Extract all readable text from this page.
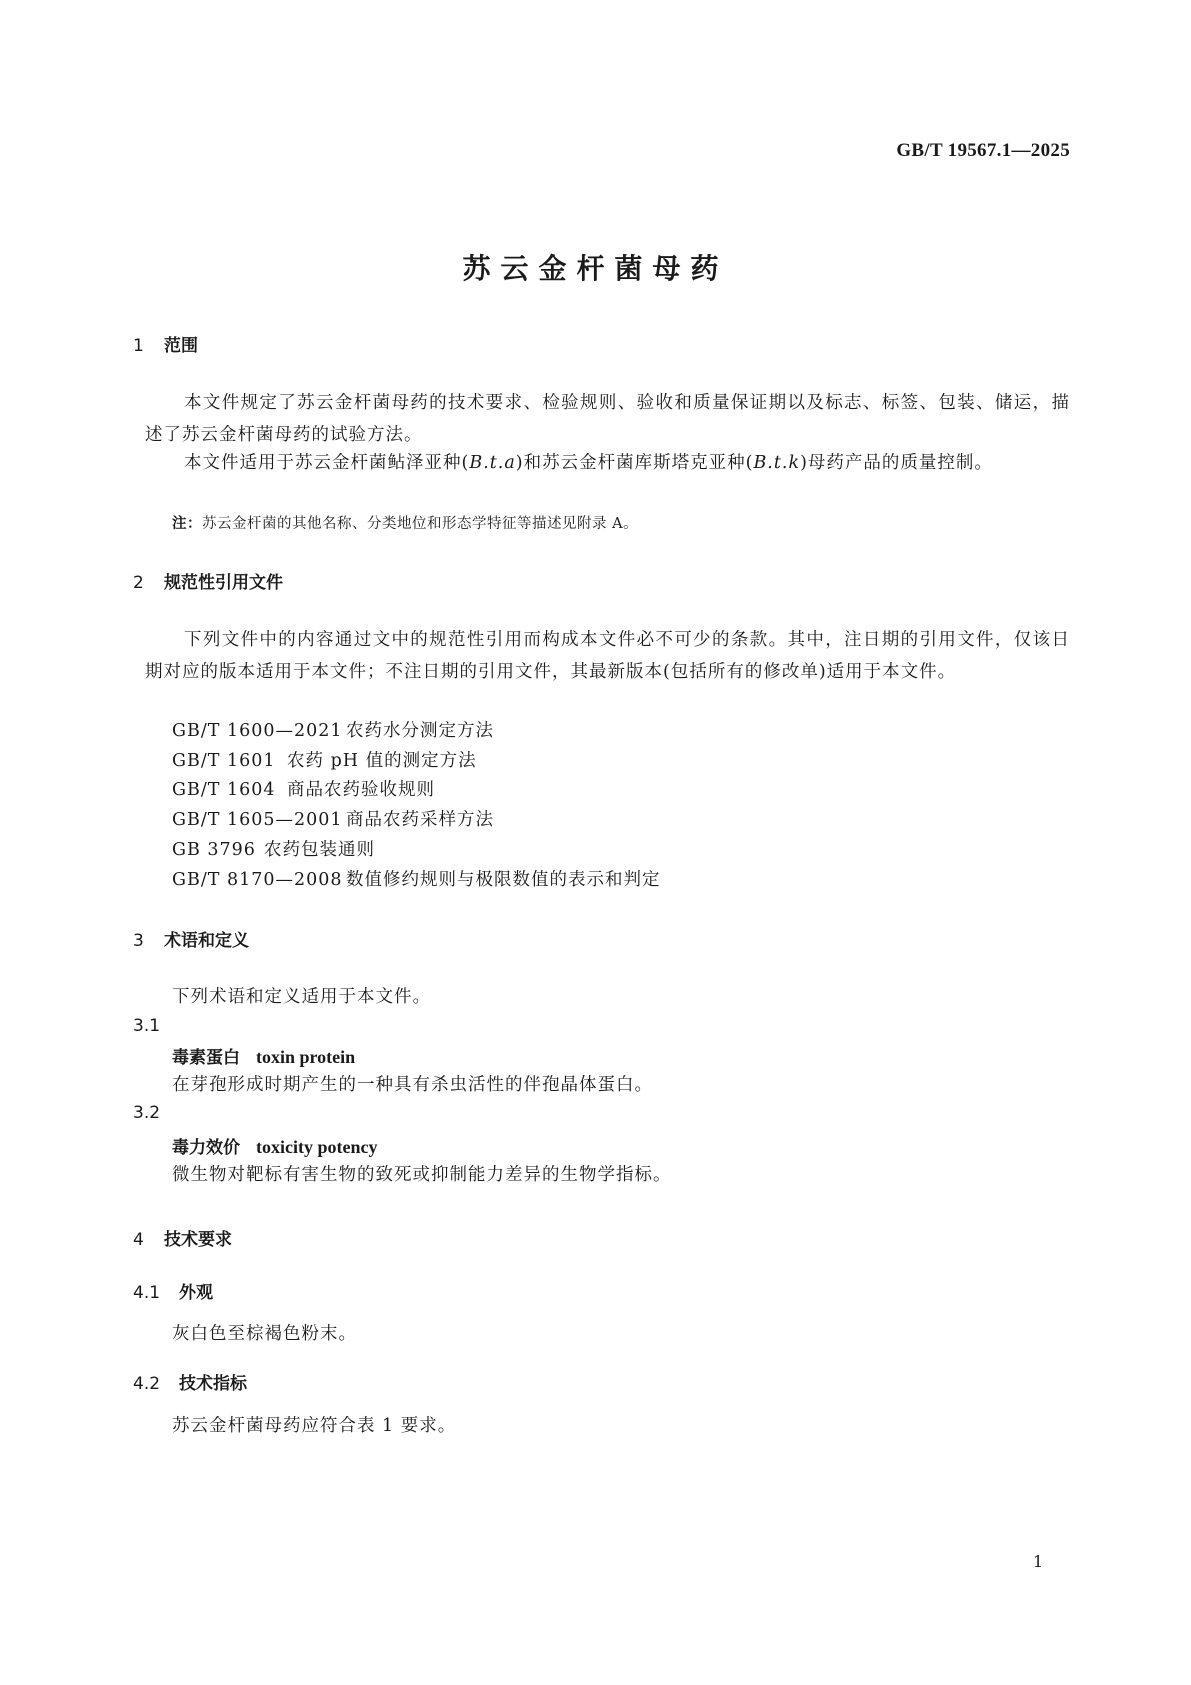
GB/T 19567.1—2025
苏云金杆菌母药
1 范围
本文件规定了苏云金杆菌母药的技术要求、检验规则、验收和质量保证期以及标志、标签、包装、储运，描述了苏云金杆菌母药的试验方法。
本文件适用于苏云金杆菌鲇泽亚种(B.t.a)和苏云金杆菌库斯塔克亚种(B.t.k)母药产品的质量控制。
注：苏云金杆菌的其他名称、分类地位和形态学特征等描述见附录 A。
2 规范性引用文件
下列文件中的内容通过文中的规范性引用而构成本文件必不可少的条款。其中，注日期的引用文件，仅该日期对应的版本适用于本文件；不注日期的引用文件，其最新版本(包括所有的修改单)适用于本文件。
GB/T 1600—2021 农药水分测定方法
GB/T 1601 农药 pH 值的测定方法
GB/T 1604 商品农药验收规则
GB/T 1605—2001 商品农药采样方法
GB 3796 农药包装通则
GB/T 8170—2008 数值修约规则与极限数值的表示和判定
3 术语和定义
下列术语和定义适用于本文件。
3.1
毒素蛋白 toxin protein
在芽孢形成时期产生的一种具有杀虫活性的伴孢晶体蛋白。
3.2
毒力效价 toxicity potency
微生物对靶标有害生物的致死或抑制能力差异的生物学指标。
4 技术要求
4.1 外观
灰白色至棕褐色粉末。
4.2 技术指标
苏云金杆菌母药应符合表 1 要求。
1
